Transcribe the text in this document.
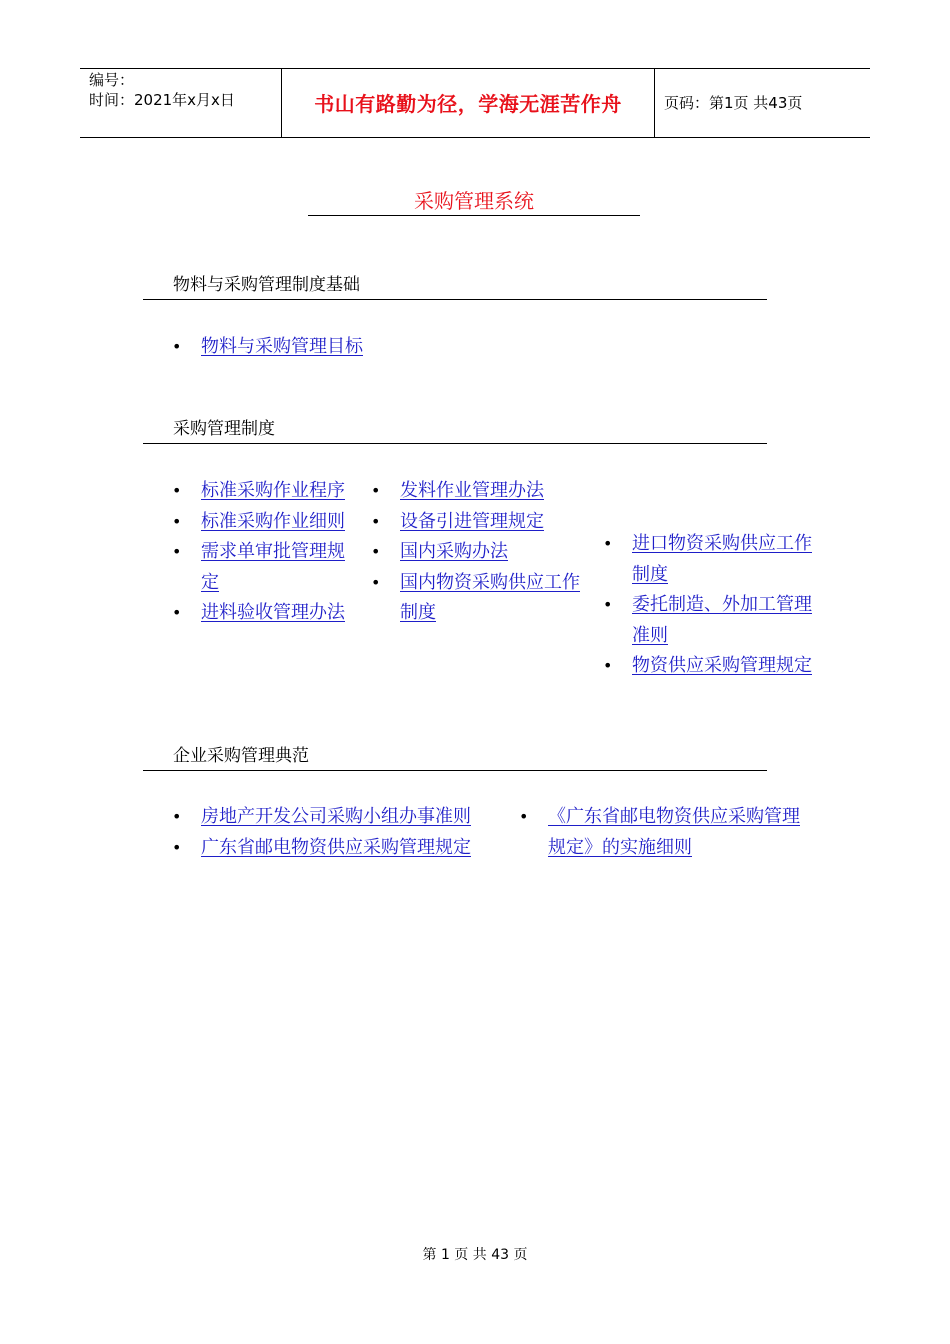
编号：
时间：2021年x月x日	书山有路勤为径，学海无涯苦作舟	页码：第1页 共43页
采购管理系统
物料与采购管理制度基础
• 物料与采购管理目标
采购管理制度
• 标准采购作业程序
• 标准采购作业细则
• 需求单审批管理规定
• 进料验收管理办法
• 发料作业管理办法
• 设备引进管理规定
• 国内采购办法
• 国内物资采购供应工作制度
• 进口物资采购供应工作制度
• 委托制造、外加工管理准则
• 物资供应采购管理规定
企业采购管理典范
• 房地产开发公司采购小组办事准则
• 广东省邮电物资供应采购管理规定
• 《广东省邮电物资供应采购管理规定》的实施细则
第 1 页 共 43 页
